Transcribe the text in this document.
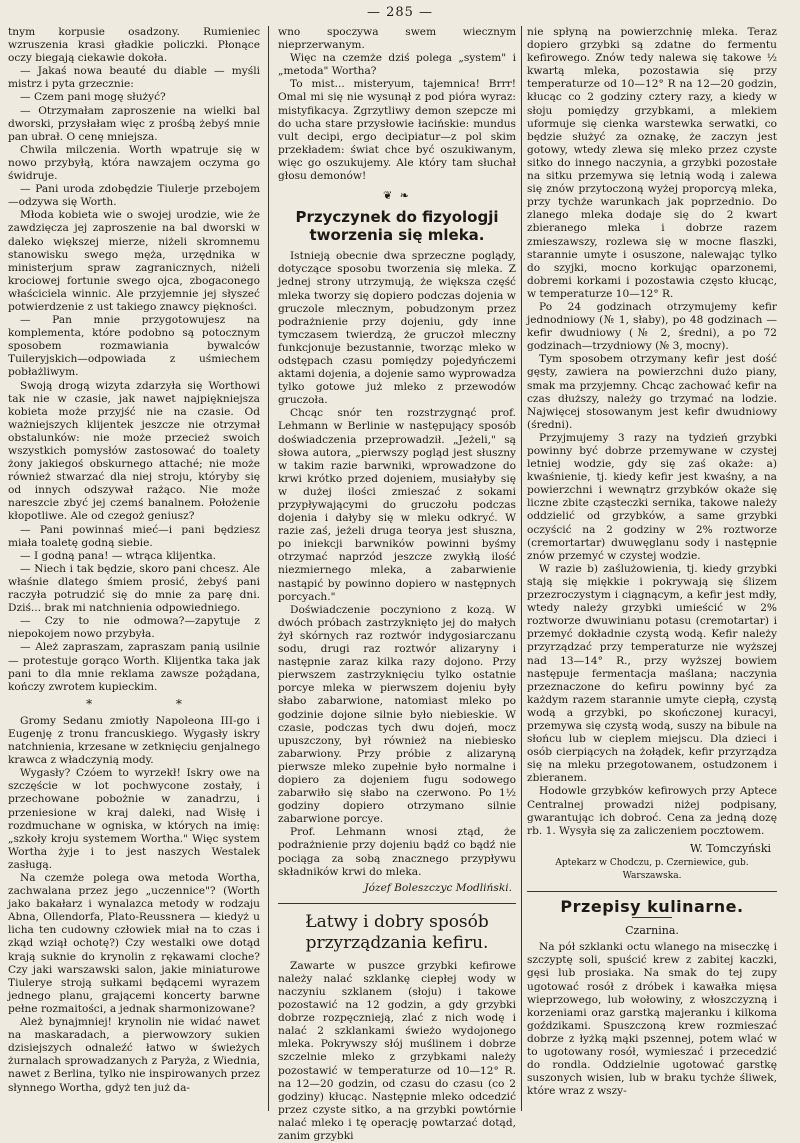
— 285 —

tnym korpusie osadzony. Rumieniec wzruszenia krasi gładkie policzki. Płonące oczy biegają ciekawie dokoła.

— Jakaś nowa beauté du diable — myśli mistrz i pyta grzecznie:

— Czem pani mogę służyć?

— Otrzymałam zaproszenie na wielki bal dworski, przysłałam więc z prośbą żebyś mnie pan ubrał. O cenę mniejsza.

Chwila milczenia. Worth wpatruje się w nowo przybyłą, która nawzajem oczyma go świdruje.

— Pani uroda zdobędzie Tiulerje przebojem—odzywa się Worth.

Młoda kobieta wie o swojej urodzie, wie że zawdzięcza jej zaproszenie na bal dworski w daleko większej mierze, niżeli skromnemu stanowisku swego męża, urzędnika w ministerjum spraw zagranicznych, niżeli krociowej fortunie swego ojca, zbogaconego właściciela winnic. Ale przyjemnie jej słyszeć potwierdzenie z ust takiego znawcy piękności.

— Pan mnie przygotowujesz na komplementa, które podobno są potocznym sposobem rozmawiania bywalców Tuileryjskich—odpowiada z uśmiechem pobłażliwym.

Swoją drogą wizyta zdarzyła się Worthowi tak nie w czasie, jak nawet najpiękniejsza kobieta może przyjść nie na czasie. Od ważniejszych klijentek jeszcze nie otrzymał obstalunków: nie może przecież swoich wszystkich pomysłów zastosować do toalety żony jakiegoś obskurnego attaché; nie może również stwarzać dla niej stroju, któryby się od innych odszywał rażąco. Nie może nareszcie zbyć jej czemś banalnem. Położenie kłopotliwe. Ale od czegoż geniusz?

— Pani powinnaś mieć—i pani będziesz miała toaletę godną siebie.

— I godną pana! — wtrąca klijentka.

— Niech i tak będzie, skoro pani chcesz. Ale właśnie dlatego śmiem prosić, żebyś pani raczyła potrudzić się do mnie za parę dni. Dziś... brak mi natchnienia odpowiedniego.

— Czy to nie odmowa?—zapytuje z niepokojem nowo przybyła.

— Ależ zapraszam, zapraszam panią usilnie — protestuje gorąco Worth. Klijentka taka jak pani to dla mnie reklama zawsze pożądana, kończy zwrotem kupieckim.

* *

Gromy Sedanu zmiotły Napoleona III-go i Eugenję z tronu francuskiego. Wygasły iskry natchnienia, krzesane w zetknięciu genjalnego krawca z władczynią mody.

Wygasły? Czóem to wyrzekł! Iskry owe na szczęście w lot pochwycone zostały, i przechowane pobożnie w zanadrzu, i przeniesione w kraj daleki, nad Wisłę i rozdmuchane w ogniska, w których na imię: „szkoły kroju systemem Wortha." Więc system Wortha żyje i to jest naszych Westalek zasługą.

Na czemże polega owa metoda Wortha, zachwalana przez jego „uczennice"? (Worth jako bakałarz i wynalazca metody w rodzaju Abna, Ollendorfa, Plato-Reussnera — kiedyż u licha ten cudowny człowiek miał na to czas i zkąd wziął ochotę?) Czy westalki owe dotąd krają suknie do krynolin z rękawami cloche? Czy jaki warszawski salon, jakie miniaturowe Tiulerye stroją sułkami będącemi wyrazem jednego planu, grającemi koncerty barwne pełne rozmaitości, a jednak sharmonizowane?

Ależ bynajmniej! krynolin nie widać nawet na maskaradach, a pierwowzory sukien dzisiejszych odnaleźć łatwo w świeżych żurnalach sprowadzanych z Paryża, z Wiednia, nawet z Berlina, tylko nie inspirowanych przez słynnego Wortha, gdyż ten już da-

wno spoczywa swem wiecznym nieprzerwanym.

Więc na czemże dziś polega „system" i „metoda" Wortha?

To mist... misteryum, tajemnica! Brrr! Omal mi się nie wysunął z pod pióra wyraz: mistyfikacya. Zgrzytliwy demon szepcze mi do ucha stare przysłowie łacińskie: mundus vult decipi, ergo decipiatur—z pol skim przekładem: świat chce być oszukiwanym, więc go oszukujemy. Ale który tam słuchał głosu demonów!

❦ ❧
Przyczynek do fizyologji tworzenia się mleka.

Istnieją obecnie dwa sprzeczne poglądy, dotyczące sposobu tworzenia się mleka. Z jednej strony utrzymują, że większa część mleka tworzy się dopiero podczas dojenia w gruczole mlecznym, pobudzonym przez podrażnienie przy dojeniu, gdy inne tymczasem twierdzą, że gruczoł mleczny funkcjonuje bezustannie, tworząc mleko w odstępach czasu pomiędzy pojedyńczemi aktami dojenia, a dojenie samo wyprowadza tylko gotowe już mleko z przewodów gruczoła.

Chcąc snór ten rozstrzygnąć prof. Lehmann w Berlinie w następujący sposób doświadczenia przeprowadził. „Jeżeli," są słowa autora, „pierwszy pogląd jest słuszny w takim razie barwniki, wprowadzone do krwi krótko przed dojeniem, musiałyby się w dużej ilości zmieszać z sokami przypływającymi do gruczołu podczas dojenia i dałyby się w mleku odkryć. W razie zaś, jeżeli druga teorya jest słuszna, po iniekcji barwników powinni byśmy otrzymać naprzód jeszcze zwykłą ilość niezmiernego mleka, a zabarwienie nastąpić by powinno dopiero w następnych porcyach."

Doświadczenie poczyniono z kozą. W dwóch próbach zastrzyknięto jej do małych żył skórnych raz roztwór indygosiarczanu sodu, drugi raz roztwór alizaryny i następnie zaraz kilka razy dojono. Przy pierwszem zastrzyknięciu tylko ostatnie porcye mleka w pierwszem dojeniu były słabo zabarwione, natomiast mleko po godzinie dojone silnie było niebieskie. W czasie, podczas tych dwu dojeń, mocz upuszczony, był również na niebiesko zabarwiony. Przy próbie z alizaryną pierwsze mleko zupełnie było normalne i dopiero za dojeniem fugu sodowego zabarwiło się słabo na czerwono. Po 1½ godziny dopiero otrzymano silnie zabarwione porcye.

Prof. Lehmann wnosi ztąd, że podrażnienie przy dojeniu bądź co bądź nie pociąga za sobą znacznego przypływu składników krwi do mleka.

Józef Boleszczyc Modliński.
Łatwy i dobry sposób przyrządzania kefiru.

Zawarte w puszce grzybki kefirowe należy nalać szklankę ciepłej wody w naczyniu szklanem (słoju) i takowe pozostawić na 12 godzin, a gdy grzybki dobrze rozpęcznieją, zlać z nich wodę i nalać 2 szklankami świeżo wydojonego mleka. Pokrywszy słój muślinem i dobrze szczelnie mleko z grzybkami należy pozostawić w temperaturze od 10—12° R. na 12—20 godzin, od czasu do czasu (co 2 godziny) kłucąc. Następnie mleko odcedzić przez czyste sitko, a na grzybki powtórnie nalać mleko i tę operację powtarzać dotąd, zanim grzybki

nie spłyną na powierzchnię mleka. Teraz dopiero grzybki są zdatne do fermentu kefirowego. Znów tedy nalewa się takowe ½ kwartą mleka, pozostawia się przy temperaturze od 10—12° R na 12—20 godzin, kłucąc co 2 godziny cztery razy, a kiedy w słoju pomiędzy grzybkami, a mlekiem uformuje się cienka warstewka serwatki, co będzie służyć za oznakę, że zaczyn jest gotowy, wtedy zlewa się mleko przez czyste sitko do innego naczynia, a grzybki pozostałe na sitku przemywa się letnią wodą i zalewa się znów przytoczoną wyżej proporcyą mleka, przy tychże warunkach jak poprzednio. Do zlanego mleka dodaje się do 2 kwart zbieranego mleka i dobrze razem zmieszawszy, rozlewa się w mocne flaszki, starannie umyte i osuszone, nalewając tylko do szyjki, mocno korkując oparzonemi, dobremi korkami i pozostawia często kłucąc, w temperaturze 10—12° R.

Po 24 godzinach otrzymujemy kefir jednodniowy (№ 1, słaby), po 48 godzinach —kefir dwudniowy (№ 2, średni), a po 72 godzinach—trzydniowy (№ 3, mocny).

Tym sposobem otrzymany kefir jest dość gęsty, zawiera na powierzchni dużo piany, smak ma przyjemny. Chcąc zachować kefir na czas dłuższy, należy go trzymać na lodzie. Najwięcej stosowanym jest kefir dwudniowy (średni).

Przyjmujemy 3 razy na tydzień grzybki powinny być dobrze przemywane w czystej letniej wodzie, gdy się zaś okaże: a) kwaśnienie, tj. kiedy kefir jest kwaśny, a na powierzchni i wewnątrz grzybków okaże się liczne zbite cząsteczki sernika, takowe należy oddzielić od grzybków, a same grzybki oczyścić na 2 godziny w 2% roztworze (cremortartar) dwuwęglanu sody i następnie znów przemyć w czystej wodzie.

W razie b) zaślużowienia, tj. kiedy grzybki stają się miękkie i pokrywają się ślizem przezroczystym i ciągnącym, a kefir jest mdły, wtedy należy grzybki umieścić w 2% roztworze dwuwinianu potasu (cremotartar) i przemyć dokładnie czystą wodą. Kefir należy przyrządzać przy temperaturze nie wyższej nad 13—14° R., przy wyższej bowiem następuje fermentacja maślana; naczynia przeznaczone do kefiru powinny być za każdym razem starannie umyte ciepłą, czystą wodą a grzybki, po skończonej kuracyi, przemywa się czystą wodą, suszy na bibule na słońcu lub w cieplem miejscu. Dla dzieci i osób cierpiących na żołądek, kefir przyrządza się na mleku przegotowanem, ostudzonem i zbieranem.

Hodowle grzybków kefirowych przy Aptece Centralnej prowadzi niżej podpisany, gwarantując ich dobroć. Cena za jedną dozę rb. 1. Wysyła się za zaliczeniem pocztowem.

W. Tomczyński
Aptekarz w Chodczu, p. Czerniewice, gub. Warszawska.
Przepisy kulinarne.
Czarnina.

Na pół szklanki octu wlanego na miseczkę i szczyptę soli, spuścić krew z zabitej kaczki, gęsi lub prosiaka. Na smak do tej zupy ugotować rosół z dróbek i kawałka mięsa wieprzowego, lub wołowiny, z włoszczyzną i korzeniami oraz garstką majeranku i kilkoma goździkami. Spuszczoną krew rozmieszać dobrze z łyżką mąki pszennej, potem wlać w to ugotowany rosół, wymieszać i przecedzić do rondla. Oddzielnie ugotować garstkę suszonych wisien, lub w braku tychże śliwek, które wraz z wszy-
